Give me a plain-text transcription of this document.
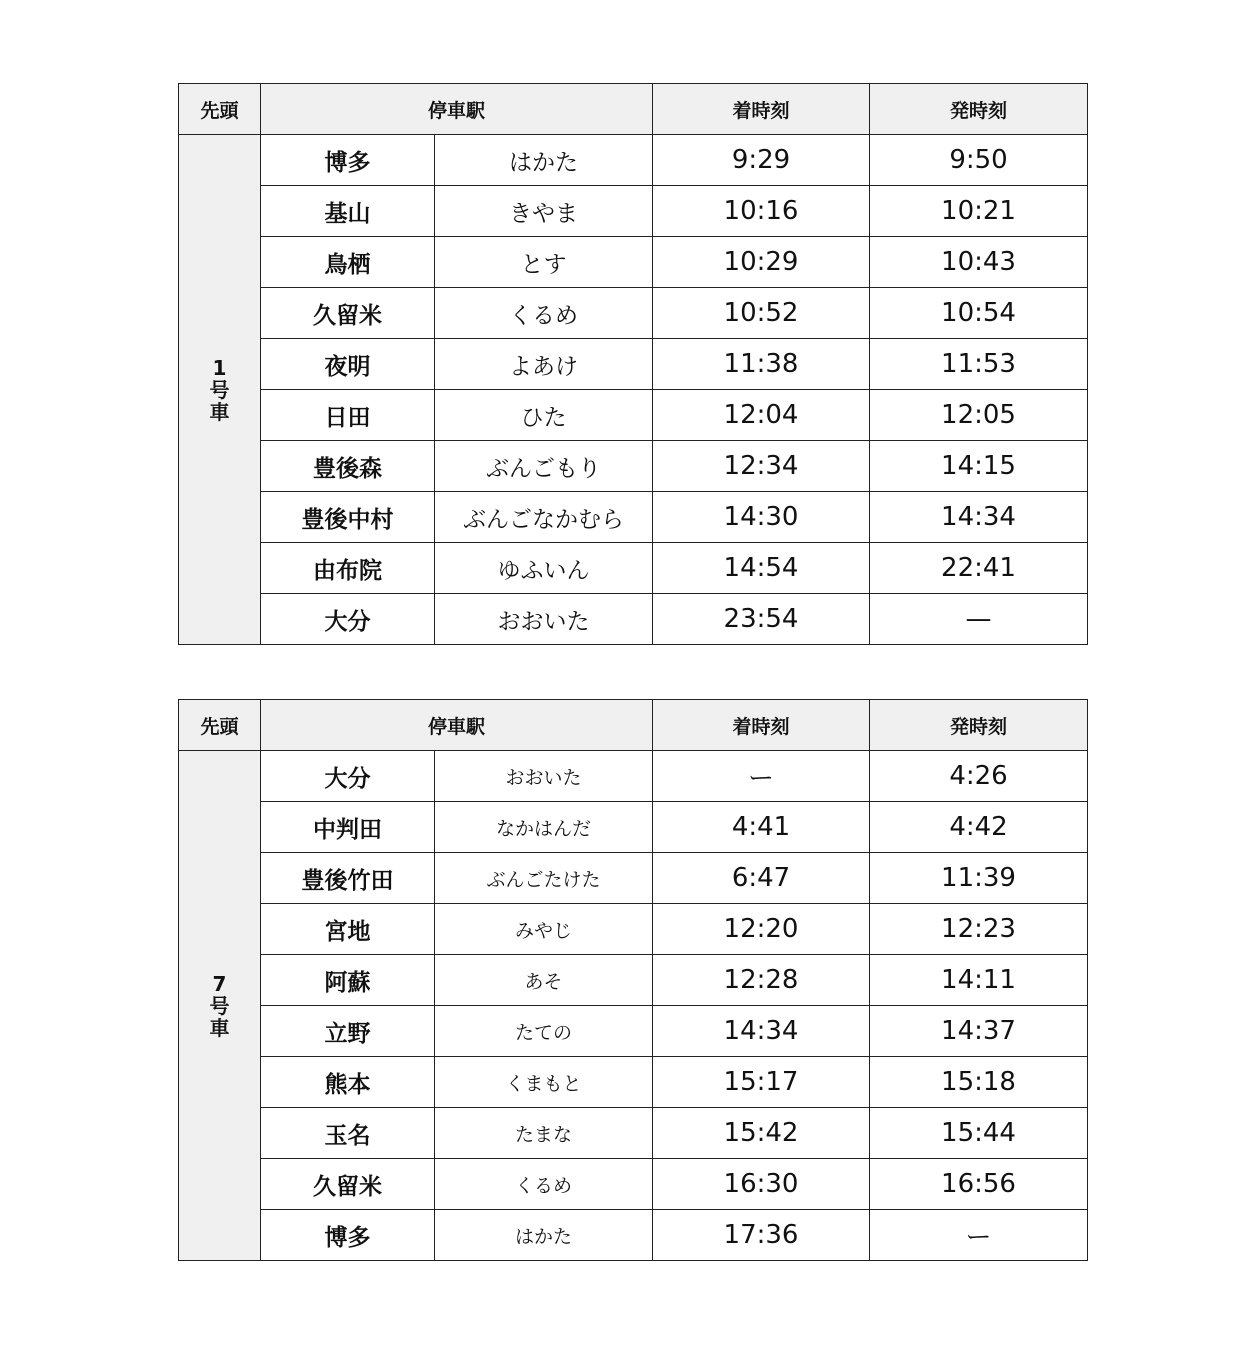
先頭	停車駅		着時刻	発時刻

1
号
車	博多	はかた	9:29	9:50
	基山	きやま	10:16	10:21
	鳥栖	とす	10:29	10:43
	久留米	くるめ	10:52	10:54
	夜明	よあけ	11:38	11:53
	日田	ひた	12:04	12:05
	豊後森	ぶんごもり	12:34	14:15
	豊後中村	ぶんごなかむら	14:30	14:34
	由布院	ゆふいん	14:54	22:41
	大分	おおいた	23:54	—
先頭	停車駅		着時刻	発時刻

7
号
車	大分	おおいた	ー	4:26
	中判田	なかはんだ	4:41	4:42
	豊後竹田	ぶんごたけた	6:47	11:39
	宮地	みやじ	12:20	12:23
	阿蘇	あそ	12:28	14:11
	立野	たての	14:34	14:37
	熊本	くまもと	15:17	15:18
	玉名	たまな	15:42	15:44
	久留米	くるめ	16:30	16:56
	博多	はかた	17:36	ー
